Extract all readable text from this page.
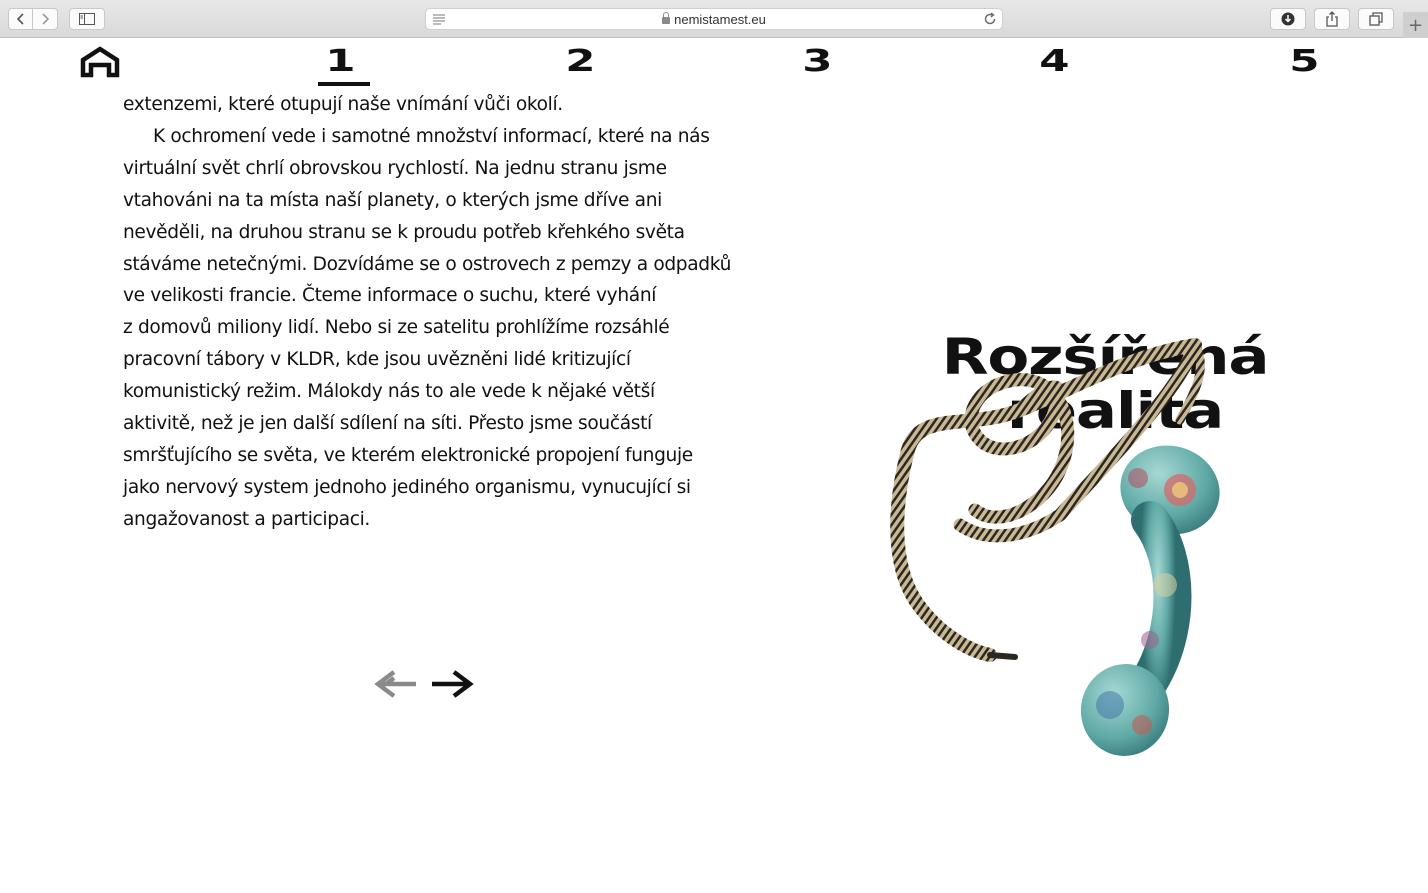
nemistamest.eu	+
1	2	3	4	5
extenzemi, které otupují naše vnímání vůči okolí.
K ochromení vede i samotné množství informací, které na nás
virtuální svět chrlí obrovskou rychlostí. Na jednu stranu jsme
vtahováni na ta místa naší planety, o kterých jsme dříve ani
nevěděli, na druhou stranu se k proudu potřeb křehkého světa
stáváme netečnými. Dozvídáme se o ostrovech z pemzy a odpadků
ve velikosti francie. Čteme informace o suchu, které vyhání
z domovů miliony lidí. Nebo si ze satelitu prohlížíme rozsáhlé
pracovní tábory v KLDR, kde jsou uvězněni lidé kritizující
komunistický režim. Málokdy nás to ale vede k nějaké větší
aktivitě, než je jen další sdílení na síti. Přesto jsme součástí
smršťujícího se světa, ve kterém elektronické propojení funguje
jako nervový system jednoho jediného organismu, vynucující si
angažovanost a participaci.
Rozšířená
realita
